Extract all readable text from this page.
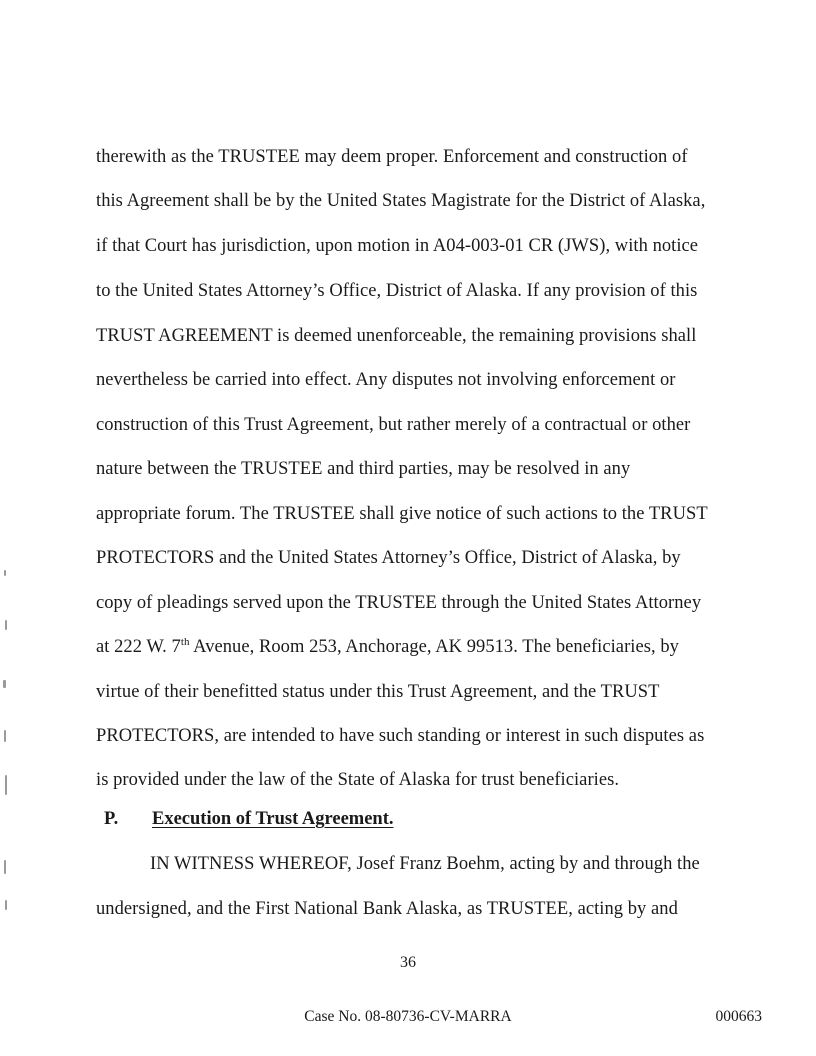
therewith as the TRUSTEE may deem proper. Enforcement and construction of
this Agreement shall be by the United States Magistrate for the District of Alaska,
if that Court has jurisdiction, upon motion in A04-003-01 CR (JWS), with notice
to the United States Attorney’s Office, District of Alaska. If any provision of this
TRUST AGREEMENT is deemed unenforceable, the remaining provisions shall
nevertheless be carried into effect. Any disputes not involving enforcement or
construction of this Trust Agreement, but rather merely of a contractual or other
nature between the TRUSTEE and third parties, may be resolved in any
appropriate forum. The TRUSTEE shall give notice of such actions to the TRUST
PROTECTORS and the United States Attorney’s Office, District of Alaska, by
copy of pleadings served upon the TRUSTEE through the United States Attorney
at 222 W. 7th Avenue, Room 253, Anchorage, AK 99513. The beneficiaries, by
virtue of their benefitted status under this Trust Agreement, and the TRUST
PROTECTORS, are intended to have such standing or interest in such disputes as
is provided under the law of the State of Alaska for trust beneficiaries.
P. Execution of Trust Agreement.
IN WITNESS WHEREOF, Josef Franz Boehm, acting by and through the
undersigned, and the First National Bank Alaska, as TRUSTEE, acting by and
36
Case No. 08-80736-CV-MARRA	000663
